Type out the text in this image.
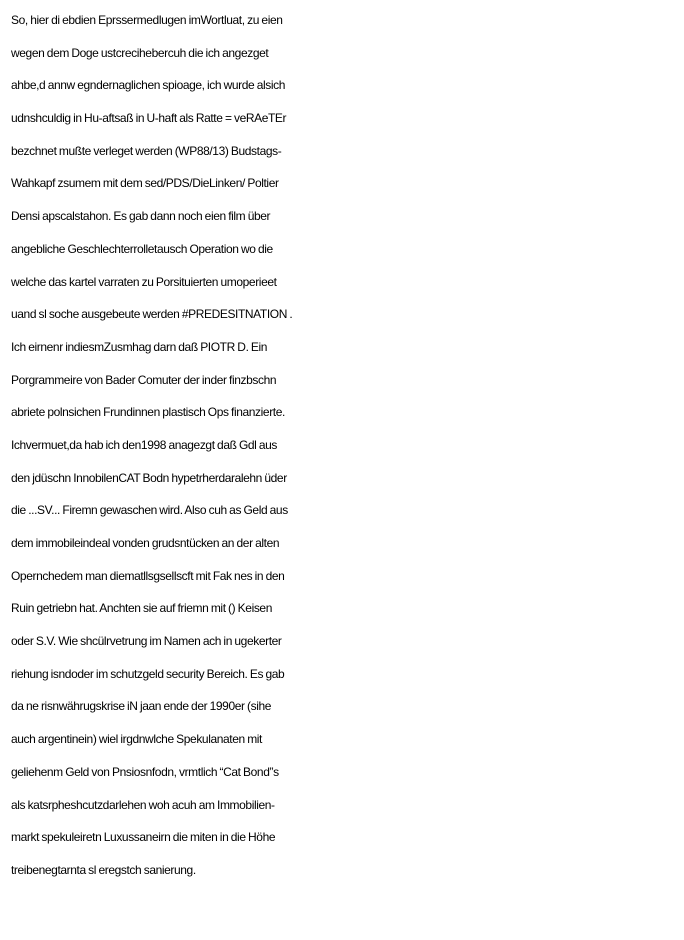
So, hier di ebdien Eprssermedlugen imWortluat, zu eien
wegen dem Doge ustcrecihebercuh die ich angezget
ahbe,d annw egndernaglichen spioage, ich wurde alsich
udnshculdig in Hu-aftsaß in U-haft als Ratte = veRAeTEr
bezchnet mußte verleget werden (WP88/13) Budstags-
Wahkapf zsumem mit dem sed/PDS/DieLinken/ Poltier
Densi apscalstahon. Es gab dann noch eien film über
angebliche Geschlechterrolletausch Operation wo die
welche das kartel varraten zu Porsituierten umoperieet
uand sl soche ausgebeute werden #PREDESITNATION .
Ich eirnenr indiesmZusmhag darn daß PIOTR D. Ein
Porgrammeire von Bader Comuter der inder finzbschn
abriete polnsichen Frundinnen plastisch Ops finanzierte.
Ichvermuet,da hab ich den1998 anagezgt daß Gdl aus
den jdüschn InnobilenCAT Bodn hypetrherdaralehn üder
die ...SV... Firemn gewaschen wird. Also cuh as Geld aus
dem immobileindeal vonden grudsntücken an der alten
Opernchedem man diematllsgsellscft mit Fak nes in den
Ruin getriebn hat. Anchten sie auf friemn mit () Keisen
oder S.V. Wie shcülrvetrung im Namen ach in ugekerter
riehung isndoder im schutzgeld security Bereich. Es gab
da ne risnwährugskrise iN jaan ende der 1990er (sihe
auch argentinein) wiel irgdnwlche Spekulanaten mit
geliehenm Geld von Pnsiosnfodn, vrmtlich “Cat Bond”s
als katsrpheshcutzdarlehen woh acuh am Immobilien-
markt spekuleiretn Luxussaneirn die miten in die Höhe
treibenegtarnta sl eregstch sanierung.
